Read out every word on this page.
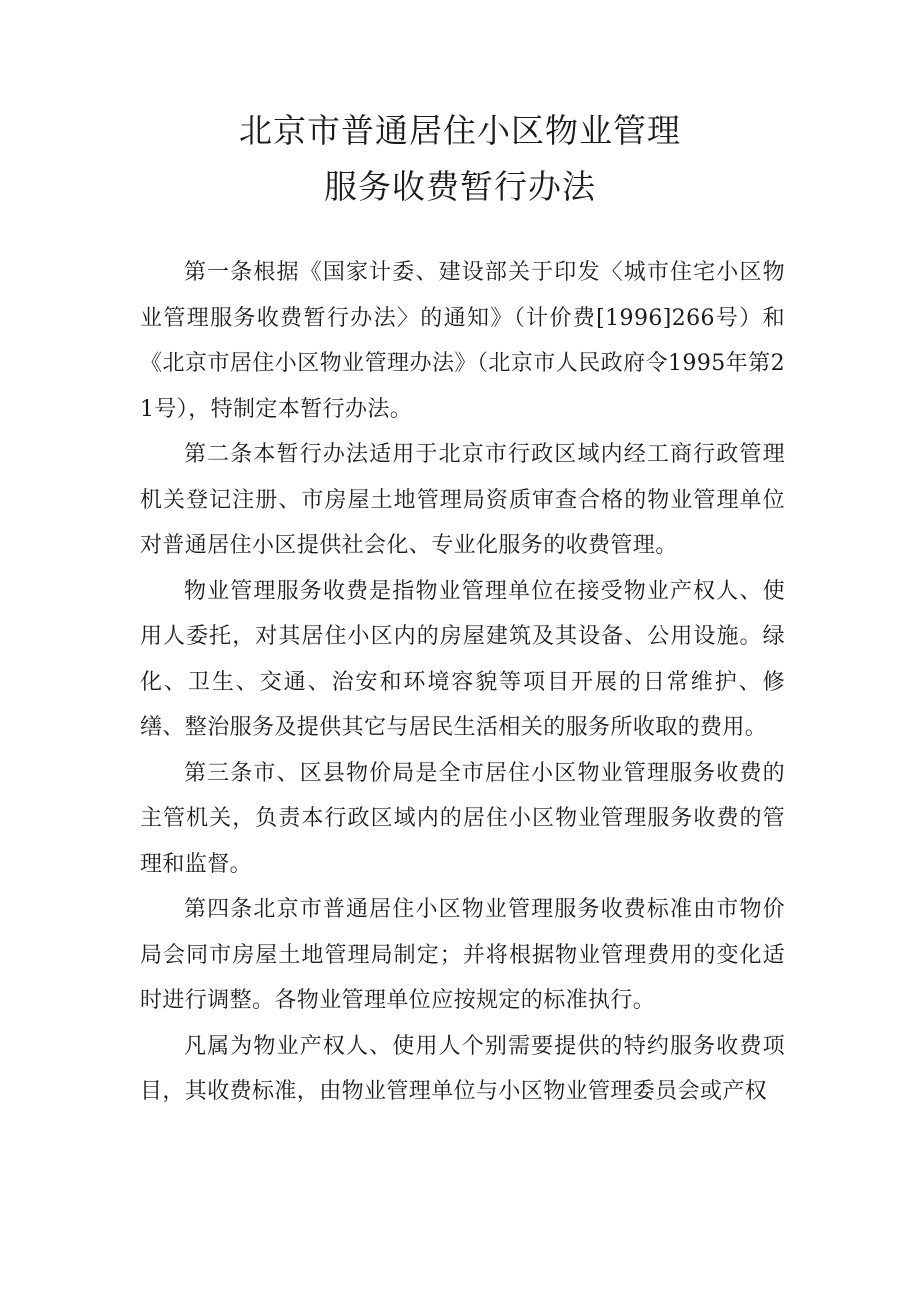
北京市普通居住小区物业管理
服务收费暂行办法

第一条根据《国家计委、建设部关于印发〈城市住宅小区物业管理服务收费暂行办法〉的通知》（计价费[1996]266号）和《北京市居住小区物业管理办法》（北京市人民政府令1995年第21号），特制定本暂行办法。

第二条本暂行办法适用于北京市行政区域内经工商行政管理机关登记注册、市房屋土地管理局资质审查合格的物业管理单位对普通居住小区提供社会化、专业化服务的收费管理。

物业管理服务收费是指物业管理单位在接受物业产权人、使用人委托，对其居住小区内的房屋建筑及其设备、公用设施。绿化、卫生、交通、治安和环境容貌等项目开展的日常维护、修缮、整治服务及提供其它与居民生活相关的服务所收取的费用。

第三条市、区县物价局是全市居住小区物业管理服务收费的主管机关，负责本行政区域内的居住小区物业管理服务收费的管理和监督。

第四条北京市普通居住小区物业管理服务收费标准由市物价局会同市房屋土地管理局制定；并将根据物业管理费用的变化适时进行调整。各物业管理单位应按规定的标准执行。

凡属为物业产权人、使用人个别需要提供的特约服务收费项目，其收费标准，由物业管理单位与小区物业管理委员会或产权
